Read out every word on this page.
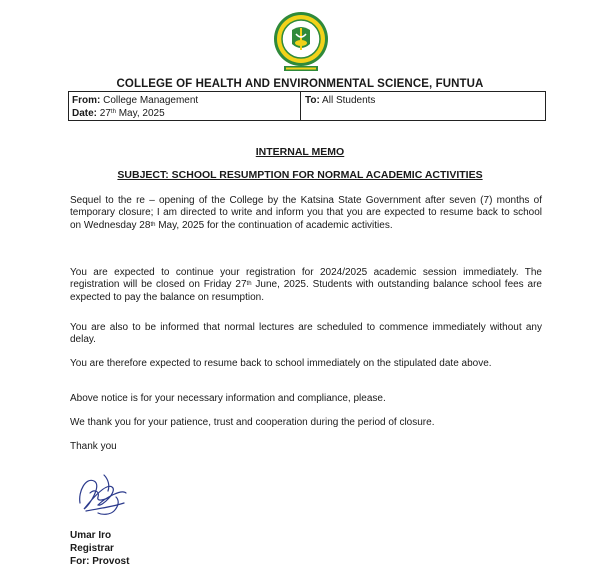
COLLEGE OF HEALTH AND ENVIRONMENTAL SCIENCE, FUNTUA
From: College Management
Date: 27th May, 2025
To: All Students
INTERNAL MEMO
SUBJECT: SCHOOL RESUMPTION FOR NORMAL ACADEMIC ACTIVITIES

Sequel to the re – opening of the College by the Katsina State Government after seven (7) months of temporary closure; I am directed to write and inform you that you are expected to resume back to school on Wednesday 28th May, 2025 for the continuation of academic activities.

You are expected to continue your registration for 2024/2025 academic session immediately. The registration will be closed on Friday 27th June, 2025. Students with outstanding balance school fees are expected to pay the balance on resumption.

You are also to be informed that normal lectures are scheduled to commence immediately without any delay.

You are therefore expected to resume back to school immediately on the stipulated date above.

Above notice is for your necessary information and compliance, please.

We thank you for your patience, trust and cooperation during the period of closure.

Thank you

Umar Iro
Registrar
For: Provost
